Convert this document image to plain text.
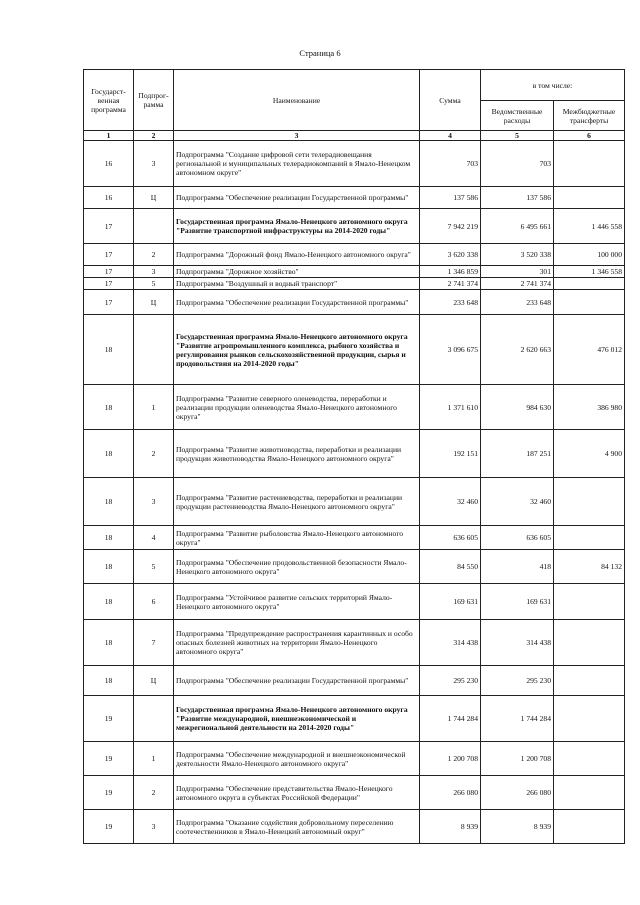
Страница 6
Государст-венная программа	Подпрог-рамма	Наименование	Сумма	в том числе:	
				Ведомственные расходы	Межбюджетные трансферты
1	2	3	4	5	6
16	3	Подпрограмма "Создание цифровой сети телерадиовещания региональной и муниципальных телерадиокомпаний в Ямало-Ненецком автономном округе"	703	703	
16	Ц	Подпрограмма "Обеспечение реализации Государственной программы"	137 586	137 586	
17		Государственная программа Ямало-Ненецкого автономного округа "Развитие транспортной инфраструктуры на 2014-2020 годы"	7 942 219	6 495 661	1 446 558
17	2	Подпрограмма "Дорожный фонд Ямало-Ненецкого автономного округа"	3 620 338	3 520 338	100 000
17	3	Подпрограмма "Дорожное хозяйство"	1 346 859	301	1 346 558
17	5	Подпрограмма "Воздушный и водный транспорт"	2 741 374	2 741 374	
17	Ц	Подпрограмма "Обеспечение реализации Государственной программы"	233 648	233 648	
18		Государственная программа Ямало-Ненецкого автономного округа "Развитие агропромышленного комплекса, рыбного хозяйства и регулирования рынков сельскохозяйственной продукции, сырья и продовольствия на 2014-2020 годы"	3 096 675	2 620 663	476 012
18	1	Подпрограмма "Развитие северного оленеводства, переработки и реализации продукции оленеводства Ямало-Ненецкого автономного округа"	1 371 610	984 630	386 980
18	2	Подпрограмма "Развитие животноводства, переработки и реализации продукции животноводства Ямало-Ненецкого автономного округа"	192 151	187 251	4 900
18	3	Подпрограмма "Развитие растениеводства, переработки и реализации продукции растениеводства Ямало-Ненецкого автономного округа"	32 460	32 460	
18	4	Подпрограмма "Развитие рыболовства Ямало-Ненецкого автономного округа"	636 605	636 605	
18	5	Подпрограмма "Обеспечение продовольственной безопасности Ямало-Ненецкого автономного округа"	84 550	418	84 132
18	6	Подпрограмма "Устойчивое развитие сельских территорий Ямало-Ненецкого автономного округа"	169 631	169 631	
18	7	Подпрограмма "Предупреждение распространения карантинных и особо опасных болезней животных на территории Ямало-Ненецкого автономного округа"	314 438	314 438	
18	Ц	Подпрограмма "Обеспечение реализации Государственной программы"	295 230	295 230	
19		Государственная программа Ямало-Ненецкого автономного округа "Развитие международной, внешнеэкономической и межрегиональной деятельности на 2014-2020 годы"	1 744 284	1 744 284	
19	1	Подпрограмма "Обеспечение международной и внешнеэкономической деятельности Ямало-Ненецкого автономного округа"	1 200 708	1 200 708	
19	2	Подпрограмма "Обеспечение представительства Ямало-Ненецкого автономного округа в субъектах Российской Федерации"	266 080	266 080	
19	3	Подпрограмма "Оказание содействия добровольному переселению соотечественников в Ямало-Ненецкий автономный округ"	8 939	8 939	
